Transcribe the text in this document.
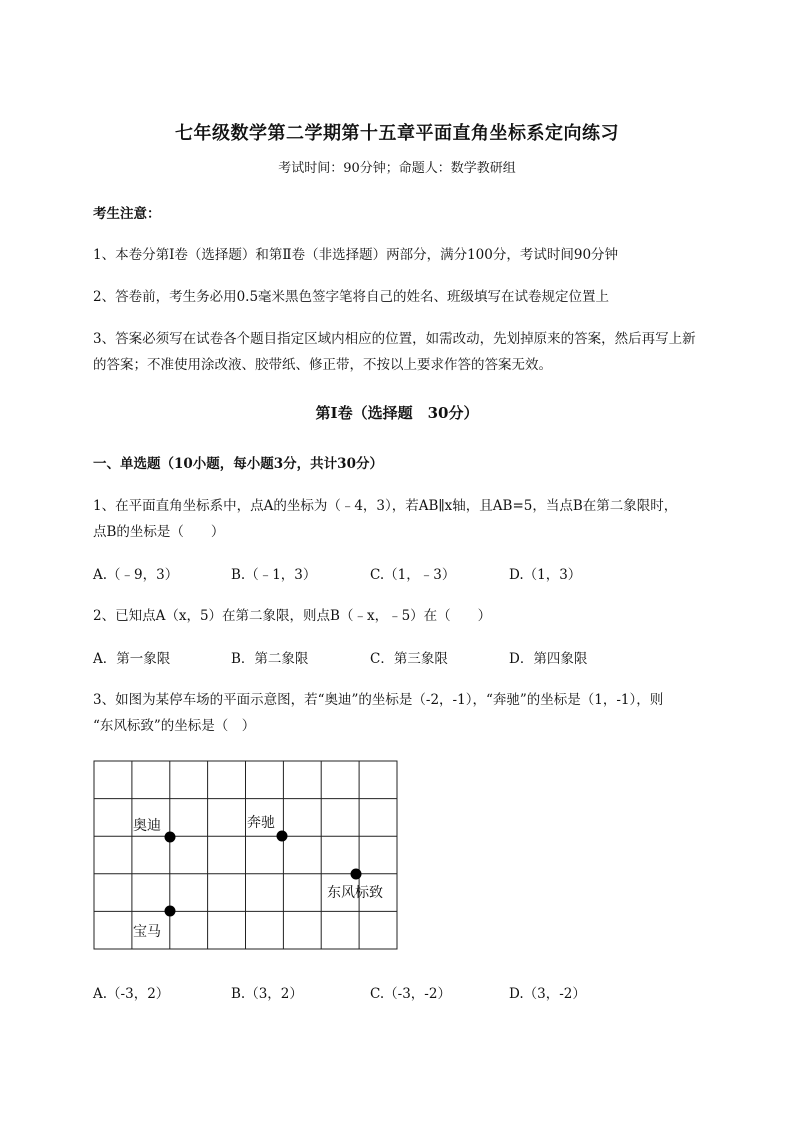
七年级数学第二学期第十五章平面直角坐标系定向练习
考试时间：90分钟；命题人：数学教研组
考生注意：
1、本卷分第I卷（选择题）和第Ⅱ卷（非选择题）两部分，满分100分，考试时间90分钟
2、答卷前，考生务必用0.5毫米黑色签字笔将自己的姓名、班级填写在试卷规定位置上
3、答案必须写在试卷各个题目指定区域内相应的位置，如需改动，先划掉原来的答案，然后再写上新
的答案；不准使用涂改液、胶带纸、修正带，不按以上要求作答的答案无效。
第I卷（选择题　30分）
一、单选题（10小题，每小题3分，共计30分）
1、在平面直角坐标系中，点A的坐标为（﹣4，3），若AB∥x轴，且AB=5，当点B在第二象限时，
点B的坐标是（　　）
A.（﹣9，3）	B.（﹣1，3）	C.（1，﹣3）	D.（1，3）
2、已知点A（x，5）在第二象限，则点B（﹣x，﹣5）在（　　）
A．第一象限	B．第二象限	C．第三象限	D．第四象限
3、如图为某停车场的平面示意图，若“奥迪”的坐标是（-2，-1），“奔驰”的坐标是（1，-1），则
“东风标致”的坐标是（　）
奥迪	奔驰
东风标致
宝马
A.（-3，2）	B.（3，2）	C.（-3，-2）	D.（3，-2）
